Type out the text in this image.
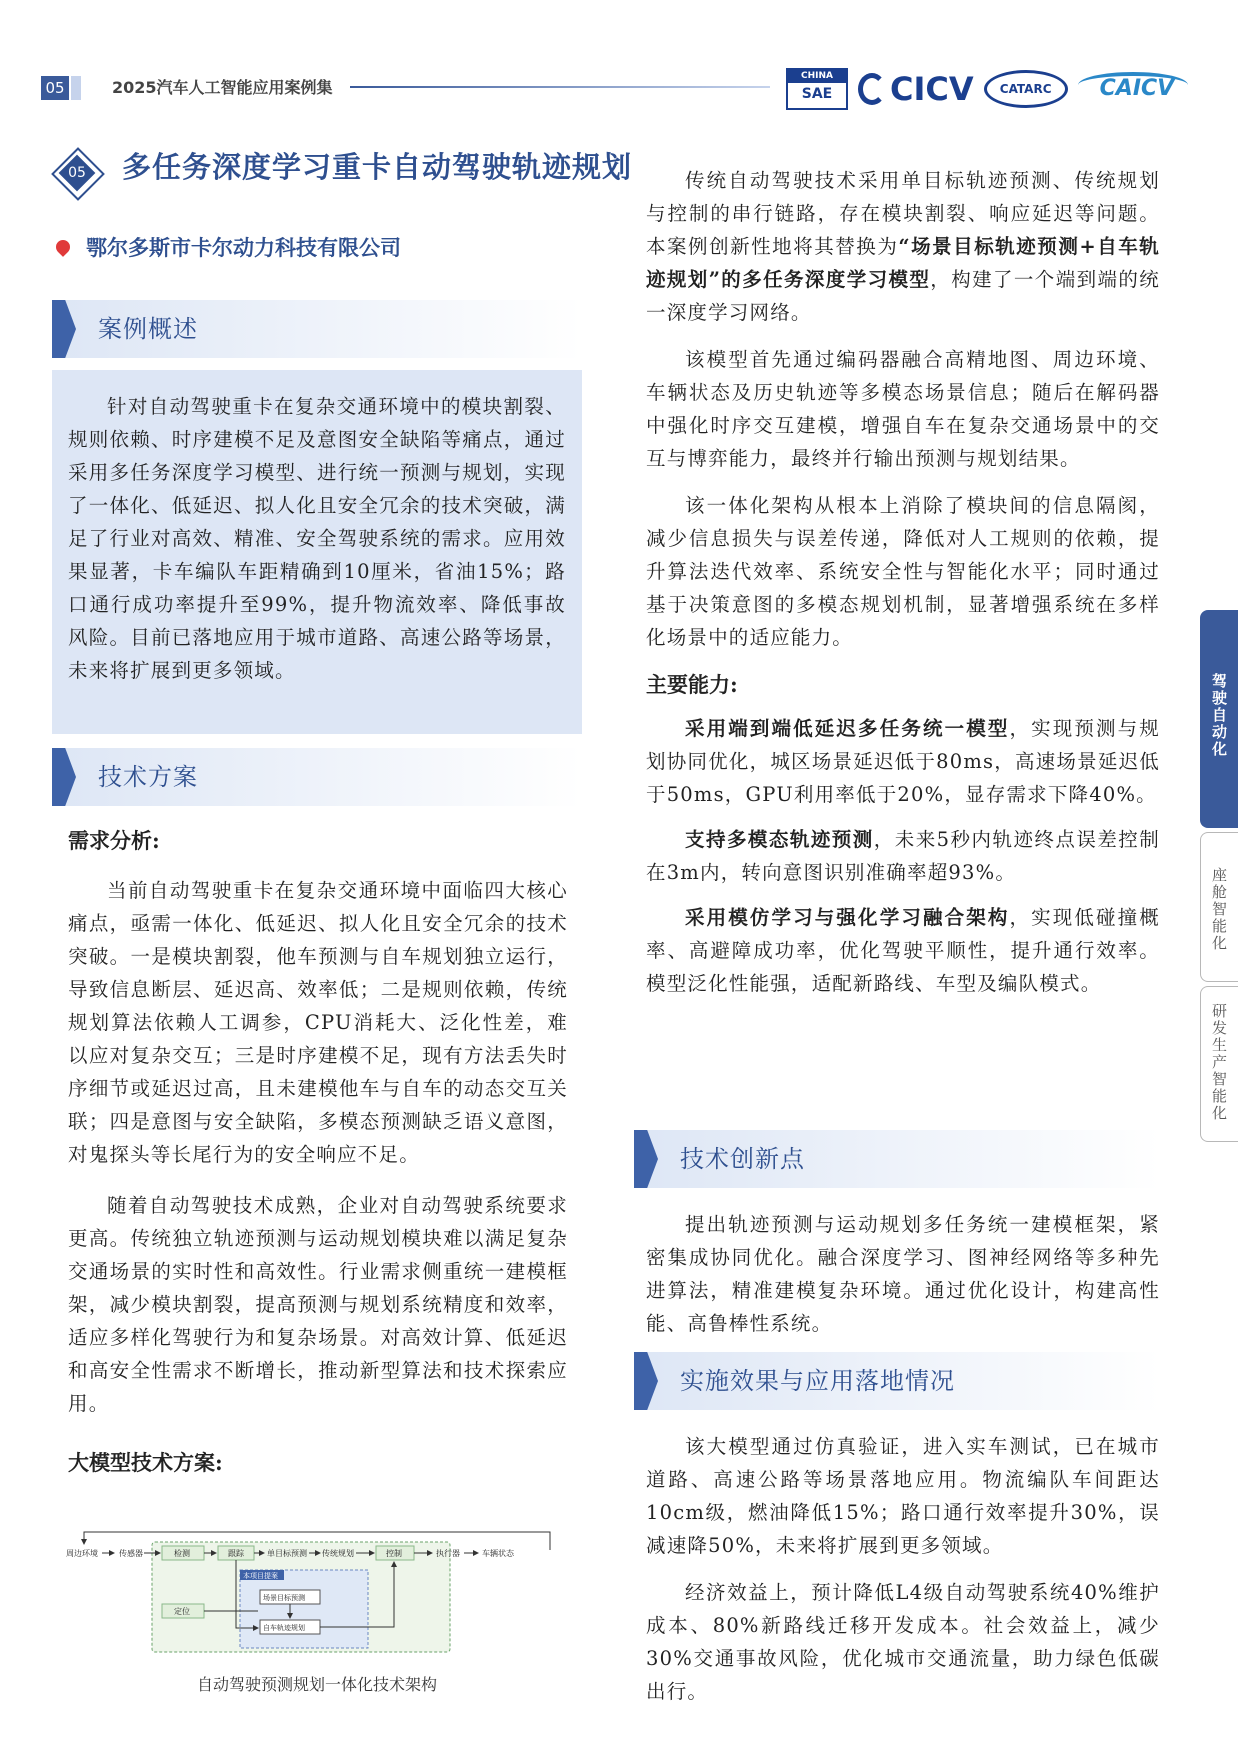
05	2025汽车人工智能应用案例集
CHINA
SAE	CICV	CATARC	CAICV
05	多任务深度学习重卡自动驾驶轨迹规划
鄂尔多斯市卡尔动力科技有限公司
案例概述

针对自动驾驶重卡在复杂交通环境中的模块割裂、规则依赖、时序建模不足及意图安全缺陷等痛点，通过采用多任务深度学习模型、进行统一预测与规划，实现了一体化、低延迟、拟人化且安全冗余的技术突破，满足了行业对高效、精准、安全驾驶系统的需求。应用效果显著，卡车编队车距精确到10厘米，省油15%；路口通行成功率提升至99%，提升物流效率、降低事故风险。目前已落地应用于城市道路、高速公路等场景，未来将扩展到更多领域。

技术方案
需求分析:

当前自动驾驶重卡在复杂交通环境中面临四大核心痛点，亟需一体化、低延迟、拟人化且安全冗余的技术突破。一是模块割裂，他车预测与自车规划独立运行，导致信息断层、延迟高、效率低；二是规则依赖，传统规划算法依赖人工调参，CPU消耗大、泛化性差，难以应对复杂交互；三是时序建模不足，现有方法丢失时序细节或延迟过高，且未建模他车与自车的动态交互关联；四是意图与安全缺陷，多模态预测缺乏语义意图，对鬼探头等长尾行为的安全响应不足。

随着自动驾驶技术成熟，企业对自动驾驶系统要求更高。传统独立轨迹预测与运动规划模块难以满足复杂交通场景的实时性和高效性。行业需求侧重统一建模框架，减少模块割裂，提高预测与规划系统精度和效率，适应多样化驾驶行为和复杂场景。对高效计算、低延迟和高安全性需求不断增长，推动新型算法和技术探索应用。

大模型技术方案:
周边环境	传感器	检测	跟踪	单目标预测 传统规划	控制	执行器	车辆状态
本项目提案
场景目标预测
自车轨迹规划
定位
自动驾驶预测规划一体化技术架构

传统自动驾驶技术采用单目标轨迹预测、传统规划与控制的串行链路，存在模块割裂、响应延迟等问题。本案例创新性地将其替换为“场景目标轨迹预测+自车轨迹规划”的多任务深度学习模型，构建了一个端到端的统一深度学习网络。

该模型首先通过编码器融合高精地图、周边环境、车辆状态及历史轨迹等多模态场景信息；随后在解码器中强化时序交互建模，增强自车在复杂交通场景中的交互与博弈能力，最终并行输出预测与规划结果。

该一体化架构从根本上消除了模块间的信息隔阂，减少信息损失与误差传递，降低对人工规则的依赖，提升算法迭代效率、系统安全性与智能化水平；同时通过基于决策意图的多模态规划机制，显著增强系统在多样化场景中的适应能力。

主要能力:

采用端到端低延迟多任务统一模型，实现预测与规划协同优化，城区场景延迟低于80ms，高速场景延迟低于50ms，GPU利用率低于20%，显存需求下降40%。

支持多模态轨迹预测，未来5秒内轨迹终点误差控制在3m内，转向意图识别准确率超93%。

采用模仿学习与强化学习融合架构，实现低碰撞概率、高避障成功率，优化驾驶平顺性，提升通行效率。模型泛化性能强，适配新路线、车型及编队模式。

技术创新点

提出轨迹预测与运动规划多任务统一建模框架，紧密集成协同优化。融合深度学习、图神经网络等多种先进算法，精准建模复杂环境。通过优化设计，构建高性能、高鲁棒性系统。

实施效果与应用落地情况

该大模型通过仿真验证，进入实车测试，已在城市道路、高速公路等场景落地应用。物流编队车间距达10cm级，燃油降低15%；路口通行效率提升30%，误减速降50%，未来将扩展到更多领域。

经济效益上，预计降低L4级自动驾驶系统40%维护成本、80%新路线迁移开发成本。社会效益上，减少30%交通事故风险，优化城市交通流量，助力绿色低碳出行。

驾驶自动化
座舱智能化
研发生产智能化
